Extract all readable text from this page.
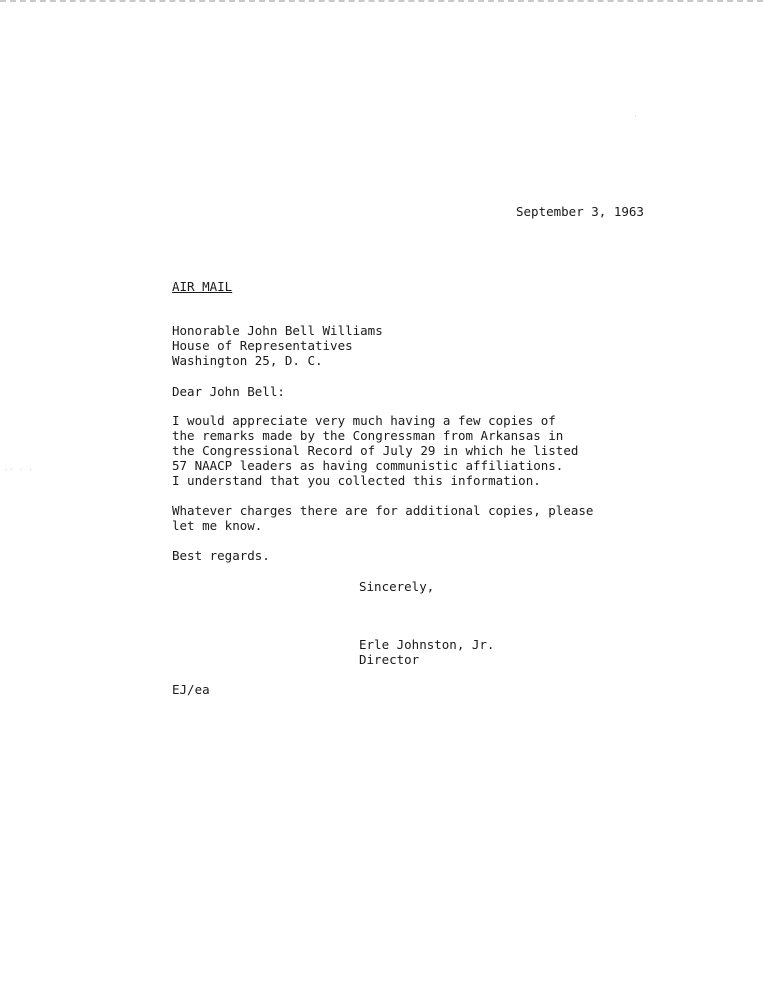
September 3, 1963
AIR MAIL
Honorable John Bell Williams
House of Representatives
Washington 25, D. C.
Dear John Bell:
I would appreciate very much having a few copies of
the remarks made by the Congressman from Arkansas in
the Congressional Record of July 29 in which he listed
57 NAACP leaders as having communistic affiliations.
I understand that you collected this information.
Whatever charges there are for additional copies, please
let me know.
Best regards.
Sincerely,
Erle Johnston, Jr.
Director
EJ/ea
·· · ·
·
